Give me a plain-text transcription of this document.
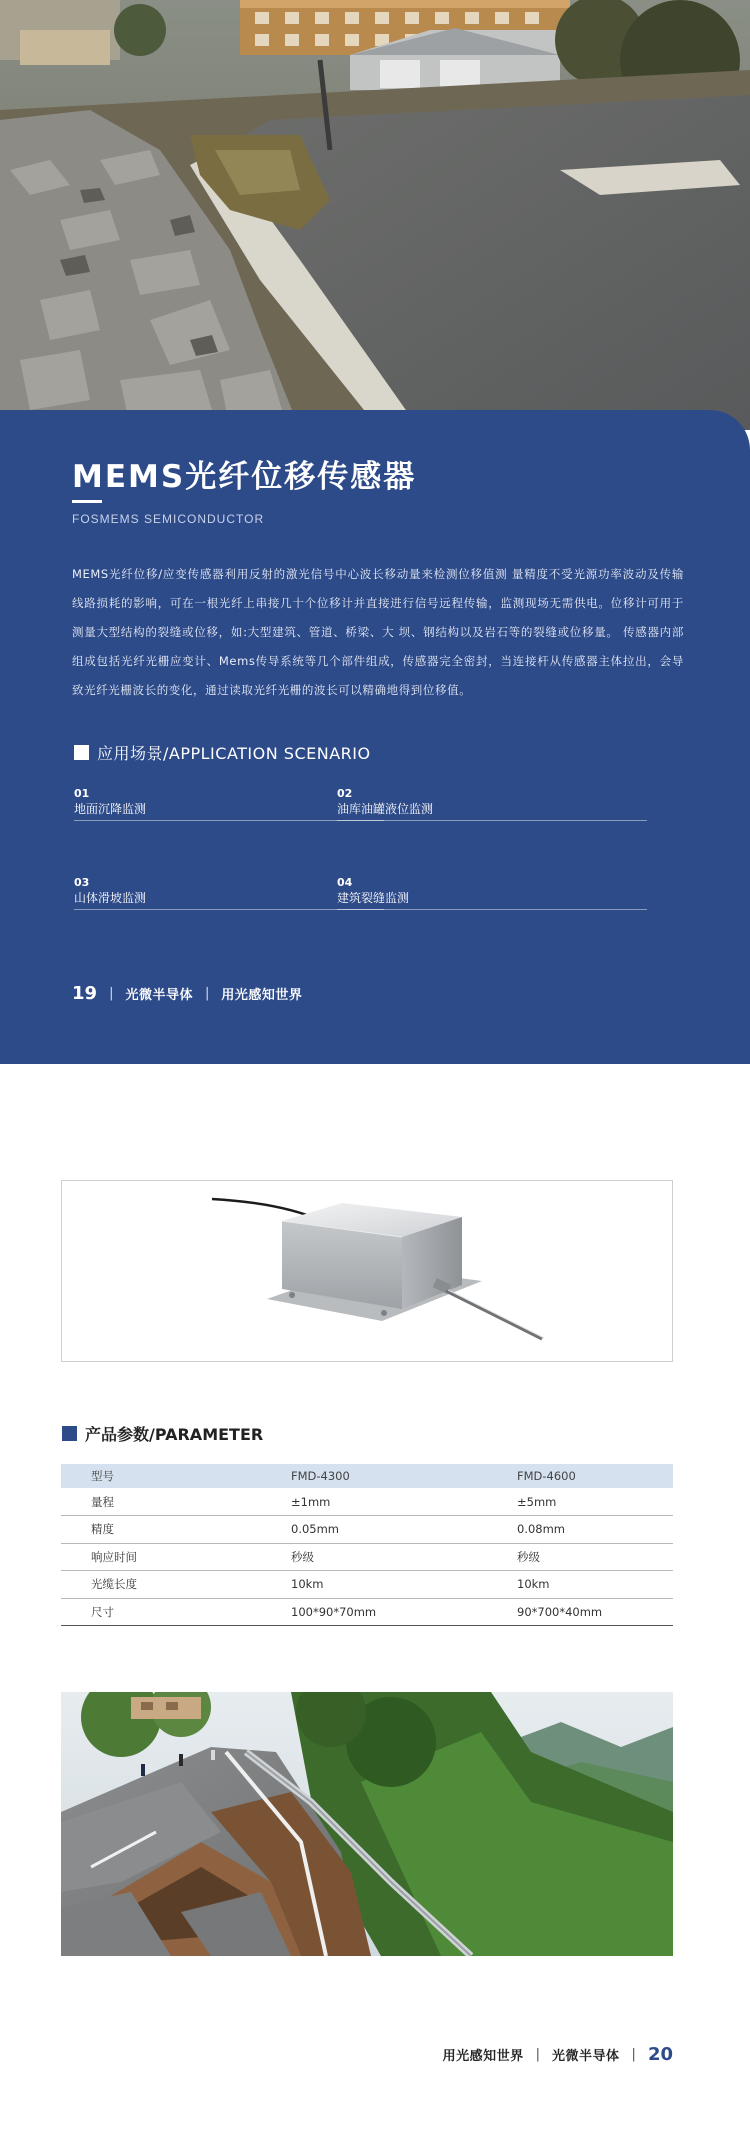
MEMS光纤位移传感器
FOSMEMS SEMICONDUCTOR

MEMS光纤位移/应变传感器利用反射的激光信号中心波长移动量来检测位移值测 量精度不受光源功率波动及传输线路损耗的影响，可在一根光纤上串接几十个位移计并直接进行信号远程传输，监测现场无需供电。位移计可用于测量大型结构的裂缝或位移，如:大型建筑、管道、桥梁、大 坝、钢结构以及岩石等的裂缝或位移量。 传感器内部组成包括光纤光栅应变计、Mems传导系统等几个部件组成，传感器完全密封，当连接杆从传感器主体拉出，会导致光纤光栅波长的变化，通过读取光纤光栅的波长可以精确地得到位移值。

应用场景/APPLICATION SCENARIO
01
地面沉降监测
02
油库油罐液位监测
03
山体滑坡监测
04
建筑裂缝监测
19 | 光微半导体 | 用光感知世界
产品参数/PARAMETER
型号	FMD-4300	FMD-4600
量程	±1mm	±5mm
精度	0.05mm	0.08mm
响应时间	秒级	秒级
光缆长度	10km	10km
尺寸	100*90*70mm	90*700*40mm
用光感知世界 | 光微半导体 | 20
